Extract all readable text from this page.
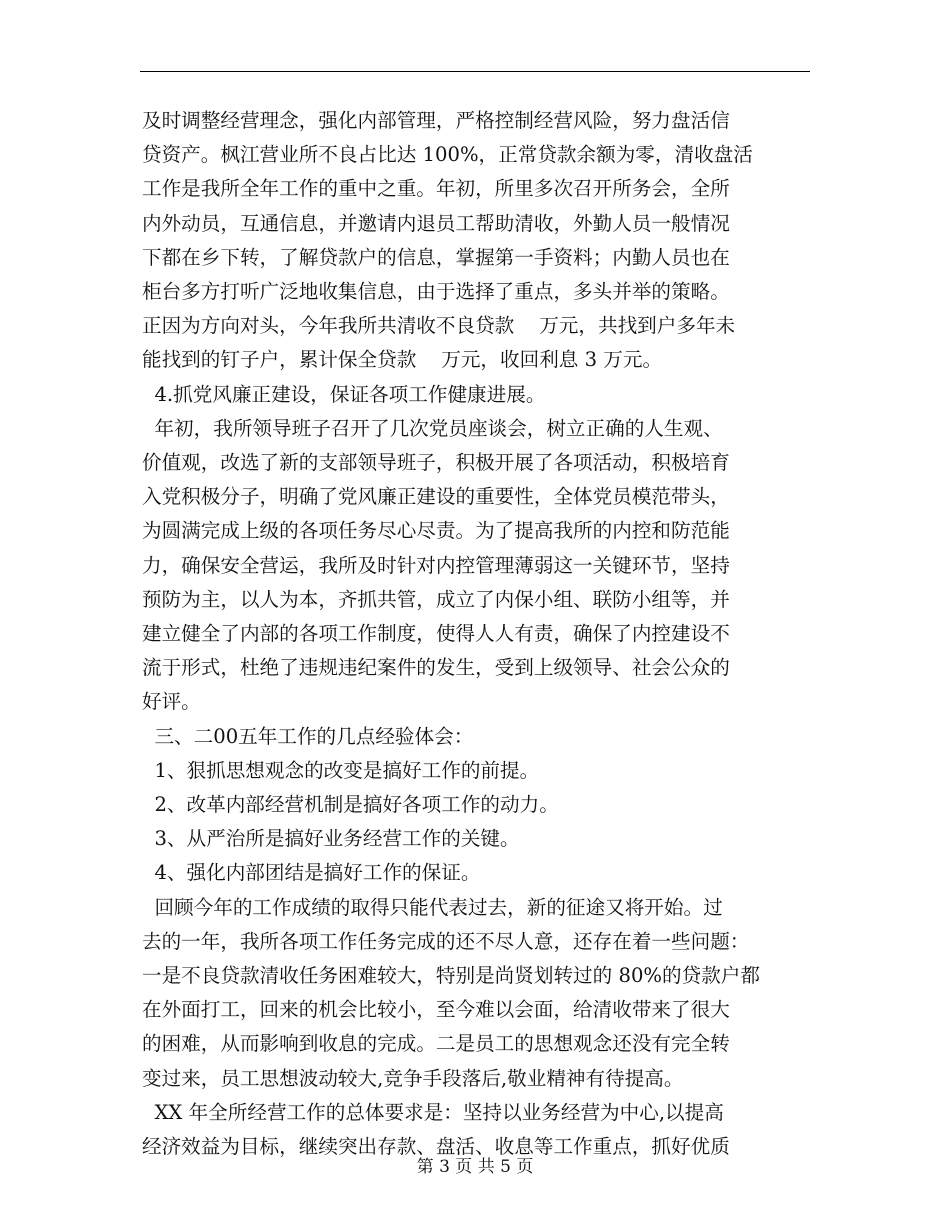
及时调整经营理念，强化内部管理，严格控制经营风险，努力盘活信

贷资产。枫江营业所不良占比达 100%，正常贷款余额为零，清收盘活

工作是我所全年工作的重中之重。年初，所里多次召开所务会，全所

内外动员，互通信息，并邀请内退员工帮助清收，外勤人员一般情况

下都在乡下转，了解贷款户的信息，掌握第一手资料；内勤人员也在

柜台多方打听广泛地收集信息，由于选择了重点，多头并举的策略。

正因为方向对头，今年我所共清收不良贷款    万元，共找到户多年未

能找到的钉子户，累计保全贷款    万元，收回利息 3 万元。

4.抓党风廉正建设，保证各项工作健康进展。

年初，我所领导班子召开了几次党员座谈会，树立正确的人生观、

价值观，改选了新的支部领导班子，积极开展了各项活动，积极培育

入党积极分子，明确了党风廉正建设的重要性，全体党员模范带头，

为圆满完成上级的各项任务尽心尽责。为了提高我所的内控和防范能

力，确保安全营运，我所及时针对内控管理薄弱这一关键环节，坚持

预防为主，以人为本，齐抓共管，成立了内保小组、联防小组等，并

建立健全了内部的各项工作制度，使得人人有责，确保了内控建设不

流于形式，杜绝了违规违纪案件的发生，受到上级领导、社会公众的

好评。

三、二00五年工作的几点经验体会：

1、狠抓思想观念的改变是搞好工作的前提。

2、改革内部经营机制是搞好各项工作的动力。

3、从严治所是搞好业务经营工作的关键。

4、强化内部团结是搞好工作的保证。

回顾今年的工作成绩的取得只能代表过去，新的征途又将开始。过

去的一年，我所各项工作任务完成的还不尽人意，还存在着一些问题：

一是不良贷款清收任务困难较大，特别是尚贤划转过的 80%的贷款户都

在外面打工，回来的机会比较小，至今难以会面，给清收带来了很大

的困难，从而影响到收息的完成。二是员工的思想观念还没有完全转

变过来，员工思想波动较大,竞争手段落后,敬业精神有待提高。

XX 年全所经营工作的总体要求是：坚持以业务经营为中心,以提高

经济效益为目标，继续突出存款、盘活、收息等工作重点，抓好优质

第 3 页 共 5 页
